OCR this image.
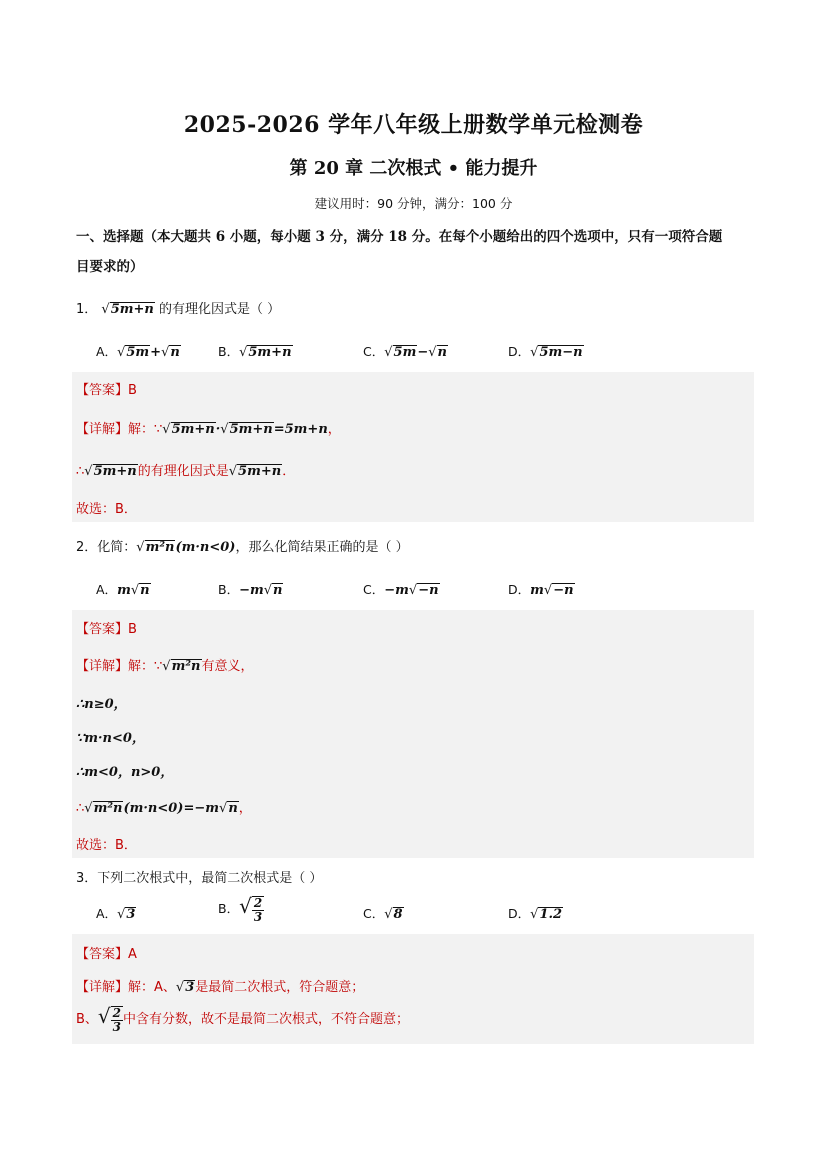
2025-2026 学年八年级上册数学单元检测卷
第 20 章 二次根式 • 能力提升
建议用时：90 分钟，满分：100 分
一、选择题（本大题共 6 小题，每小题 3 分，满分 18 分。在每个小题给出的四个选项中，只有一项符合题
目要求的）
1． √5m+n 的有理化因式是（ ）
A．√5m+√n	B．√5m+n	C．√5m−√n	D．√5m−n
【答案】B
【详解】解：∵√5m+n·√5m+n=5m+n，
∴√5m+n的有理化因式是√5m+n．
故选：B．
2．化简：√m²n(m·n<0)，那么化简结果正确的是（ ）
A．m√n	B．−m√n	C．−m√−n	D．m√−n
【答案】B
【详解】解：∵√m²n有意义，
∴n≥0，
∵m·n<0，
∴m<0，n>0，
∴√m²n(m·n<0)=−m√n，
故选：B．
3．下列二次根式中，最简二次根式是（ ）
A．√3	B．√ $\frac{2}{3}$	C．√8	D．√1.2
【答案】A
【详解】解：A、√3是最简二次根式，符合题意；
B、√ $\frac{2}{3}$ 中含有分数，故不是最简二次根式，不符合题意；
